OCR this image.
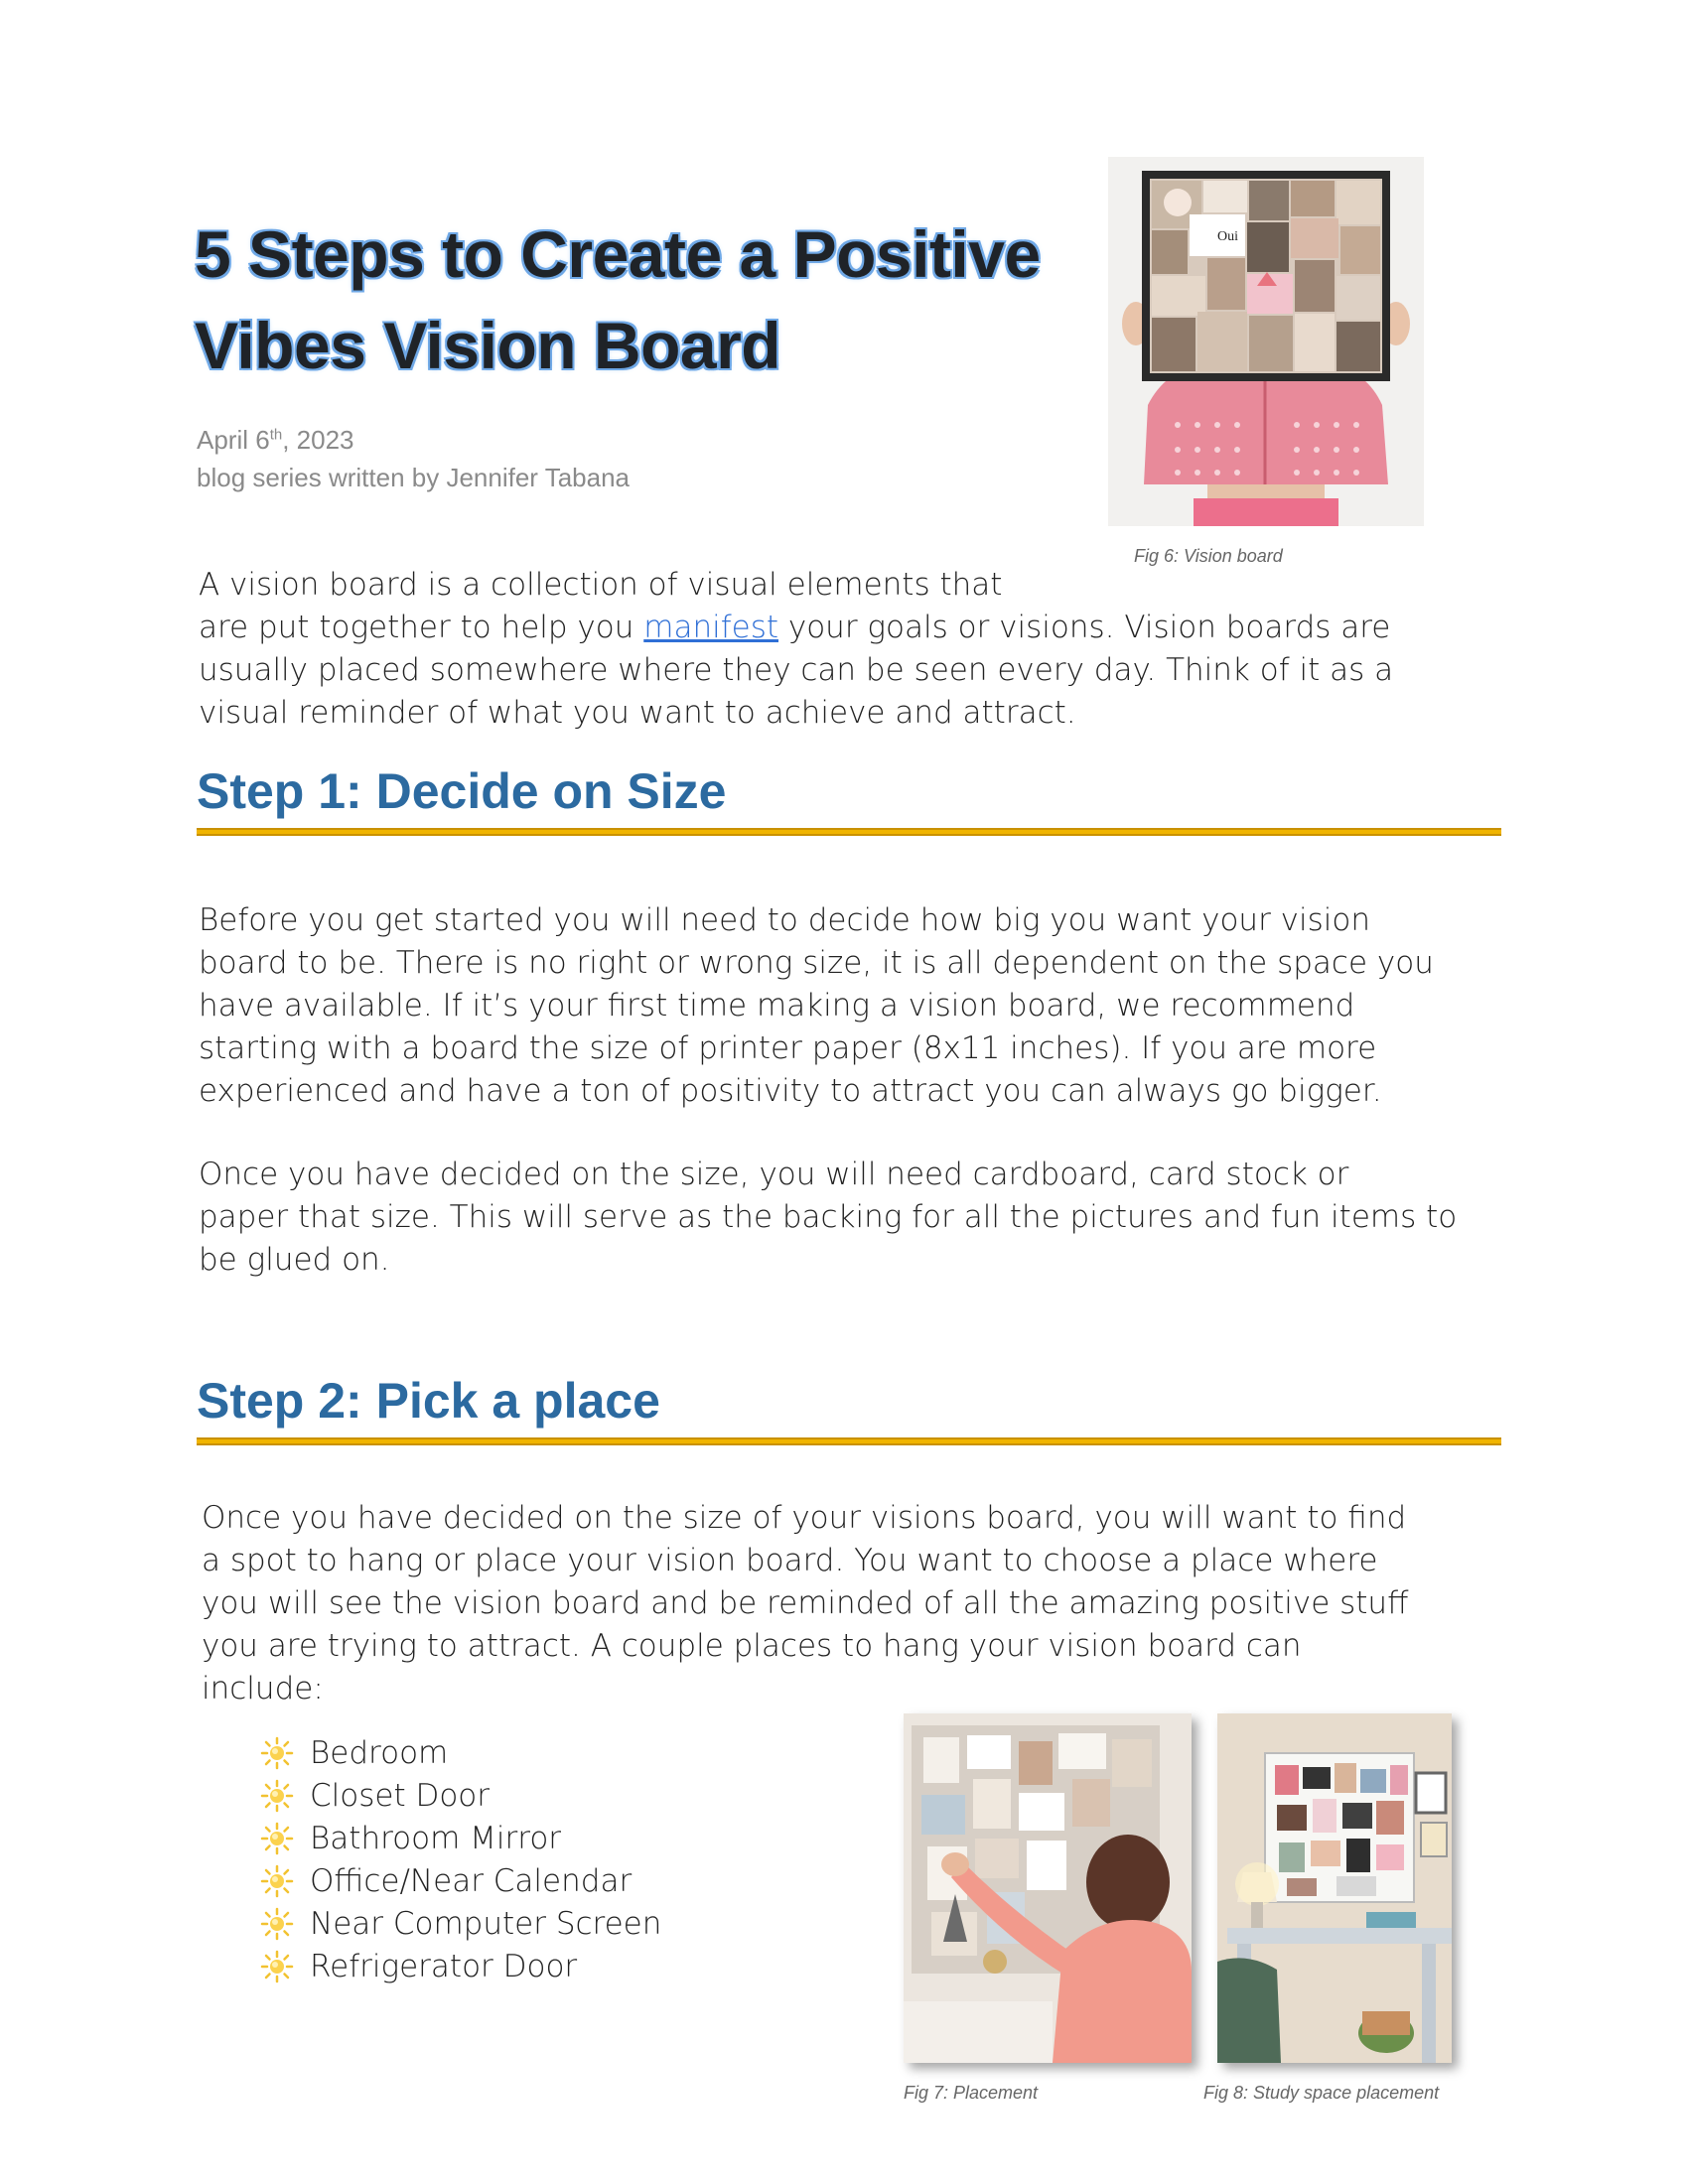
5 Steps to Create a Positive
Vibes Vision Board
April 6th, 2023
blog series written by Jennifer Tabana
Oui
Fig 6: Vision board
A vision board is a collection of visual elements that
are put together to help you manifest your goals or visions. Vision boards are
usually placed somewhere where they can be seen every day. Think of it as a
visual reminder of what you want to achieve and attract.
Step 1: Decide on Size
Before you get started you will need to decide how big you want your vision
board to be. There is no right or wrong size, it is all dependent on the space you
have available. If it’s your first time making a vision board, we recommend
starting with a board the size of printer paper (8x11 inches). If you are more
experienced and have a ton of positivity to attract you can always go bigger.
Once you have decided on the size, you will need cardboard, card stock or
paper that size. This will serve as the backing for all the pictures and fun items to
be glued on.
Step 2: Pick a place
Once you have decided on the size of your visions board, you will want to find
a spot to hang or place your vision board. You want to choose a place where
you will see the vision board and be reminded of all the amazing positive stuff
you are trying to attract. A couple places to hang your vision board can
include:
Bedroom
Closet Door
Bathroom Mirror
Office/Near Calendar
Near Computer Screen
Refrigerator Door
Fig 7: Placement	Fig 8: Study space placement
